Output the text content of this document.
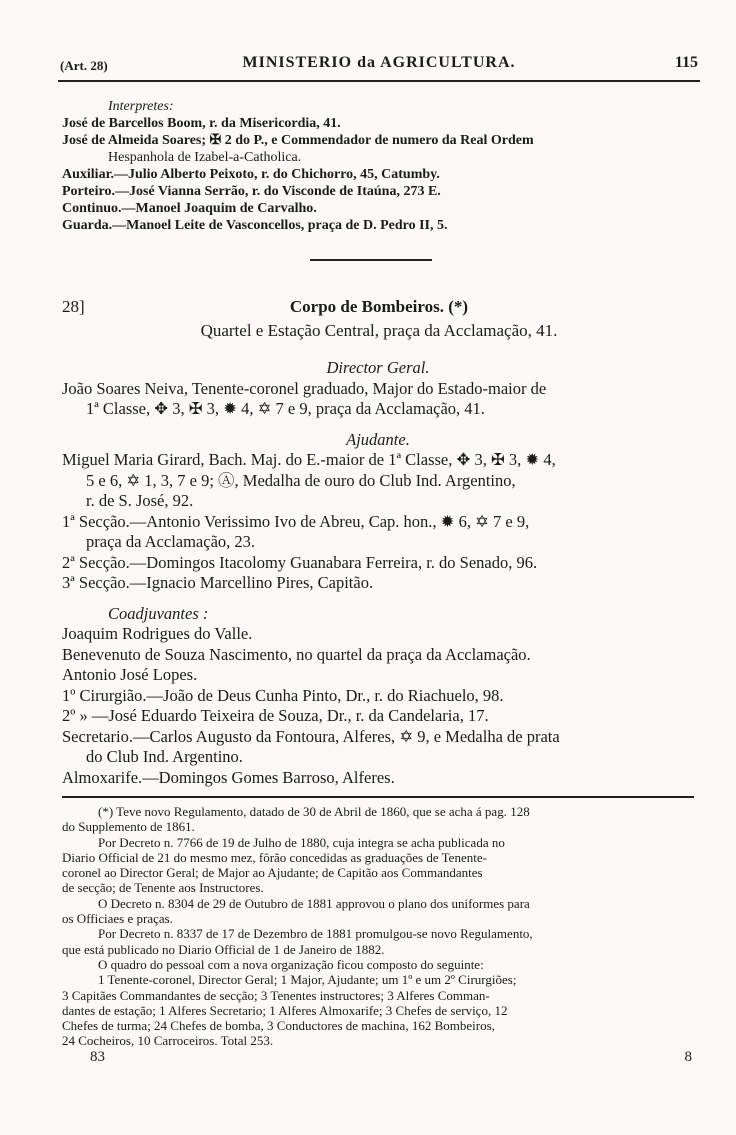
(Art. 28)	MINISTERIO da AGRICULTURA.	115
Interpretes:
José de Barcellos Boom, r. da Misericordia, 41.
José de Almeida Soares; ✠ 2 do P., e Commendador de numero da Real Ordem
Hespanhola de Izabel-a-Catholica.
Auxiliar.—Julio Alberto Peixoto, r. do Chichorro, 45, Catumby.
Porteiro.—José Vianna Serrão, r. do Visconde de Itaúna, 273 E.
Continuo.—Manoel Joaquim de Carvalho.
Guarda.—Manoel Leite de Vasconcellos, praça de D. Pedro II, 5.
28]	Corpo de Bombeiros. (*)
Quartel e Estação Central, praça da Acclamação, 41.
Director Geral.
João Soares Neiva, Tenente-coronel graduado, Major do Estado-maior de
1ª Classe, ✥ 3, ✠ 3, ✹ 4, ✡ 7 e 9, praça da Acclamação, 41.
Ajudante.
Miguel Maria Girard, Bach. Maj. do E.-maior de 1ª Classe, ✥ 3, ✠ 3, ✹ 4,
5 e 6, ✡ 1, 3, 7 e 9; Ⓐ, Medalha de ouro do Club Ind. Argentino,
r. de S. José, 92.
1ª Secção.—Antonio Verissimo Ivo de Abreu, Cap. hon., ✹ 6, ✡ 7 e 9,
praça da Acclamação, 23.
2ª Secção.—Domingos Itacolomy Guanabara Ferreira, r. do Senado, 96.
3ª Secção.—Ignacio Marcellino Pires, Capitão.
Coadjuvantes :
Joaquim Rodrigues do Valle.
Benevenuto de Souza Nascimento, no quartel da praça da Acclamação.
Antonio José Lopes.
1º Cirurgião.—João de Deus Cunha Pinto, Dr., r. do Riachuelo, 98.
2º » —José Eduardo Teixeira de Souza, Dr., r. da Candelaria, 17.
Secretario.—Carlos Augusto da Fontoura, Alferes, ✡ 9, e Medalha de prata
do Club Ind. Argentino.
Almoxarife.—Domingos Gomes Barroso, Alferes.
(*) Teve novo Regulamento, datado de 30 de Abril de 1860, que se acha á pag. 128
do Supplemento de 1861.
Por Decreto n. 7766 de 19 de Julho de 1880, cuja integra se acha publicada no
Diario Official de 21 do mesmo mez, fôrão concedidas as graduações de Tenente-
coronel ao Director Geral; de Major ao Ajudante; de Capitão aos Commandantes
de secção; de Tenente aos Instructores.
O Decreto n. 8304 de 29 de Outubro de 1881 approvou o plano dos uniformes para
os Officiaes e praças.
Por Decreto n. 8337 de 17 de Dezembro de 1881 promulgou-se novo Regulamento,
que está publicado no Diario Official de 1 de Janeiro de 1882.
O quadro do pessoal com a nova organização ficou composto do seguinte:
1 Tenente-coronel, Director Geral; 1 Major, Ajudante; um 1º e um 2º Cirurgiões;
3 Capitães Commandantes de secção; 3 Tenentes instructores; 3 Alferes Comman-
dantes de estação; 1 Alferes Secretario; 1 Alferes Almoxarife; 3 Chefes de serviço, 12
Chefes de turma; 24 Chefes de bomba, 3 Conductores de machina, 162 Bombeiros,
24 Cocheiros, 10 Carroceiros. Total 253.
83	8
